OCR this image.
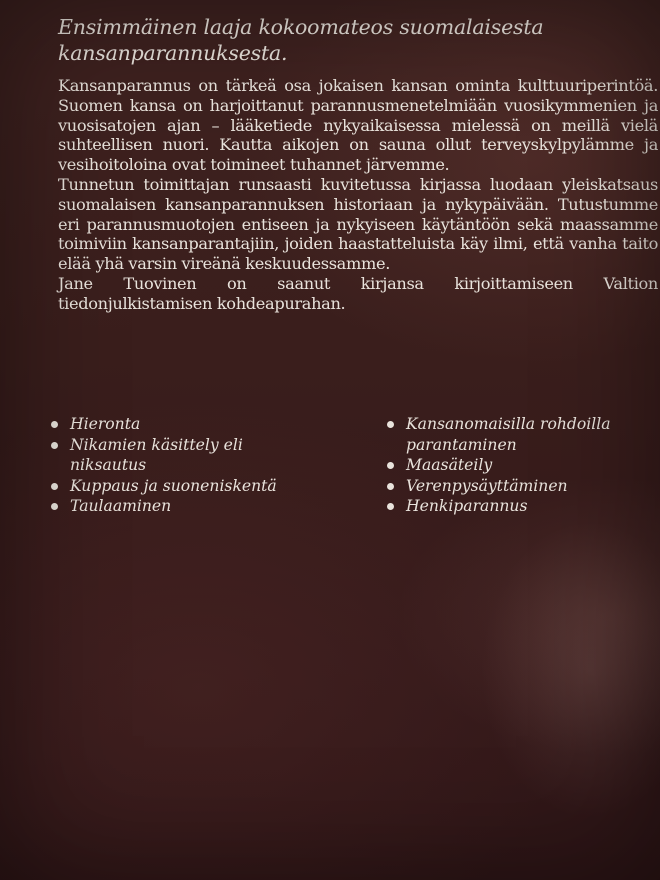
Ensimmäinen laaja kokoomateos suomalaisesta kansanparannuksesta.

Kansanparannus on tärkeä osa jokaisen kansan ominta kulttuuriperintöä. Suomen kansa on harjoittanut parannusmenetelmiään vuosikymmenien ja vuosisatojen ajan – lääketiede nykyaikaisessa mielessä on meillä vielä suhteellisen nuori. Kautta aikojen on sauna ollut terveyskylpylämme ja vesihoitoloina ovat toimineet tuhannet järvemme.

Tunnetun toimittajan runsaasti kuvitetussa kirjassa luodaan yleiskatsaus suomalaisen kansanparannuksen historiaan ja nykypäivään. Tutustumme eri parannusmuotojen entiseen ja nykyiseen käytäntöön sekä maassamme toimiviin kansanparantajiin, joiden haastatteluista käy ilmi, että vanha taito elää yhä varsin vireänä keskuudessamme.

Jane Tuovinen on saanut kirjansa kirjoittamiseen Valtion tiedonjulkistamisen kohdeapurahan.

Hieronta
Nikamien käsittely eli niksautus
Kuppaus ja suoneniskentä
Taulaaminen
Kansanomaisilla rohdoilla parantaminen
Maasäteily
Verenpysäyttäminen
Henkiparannus
